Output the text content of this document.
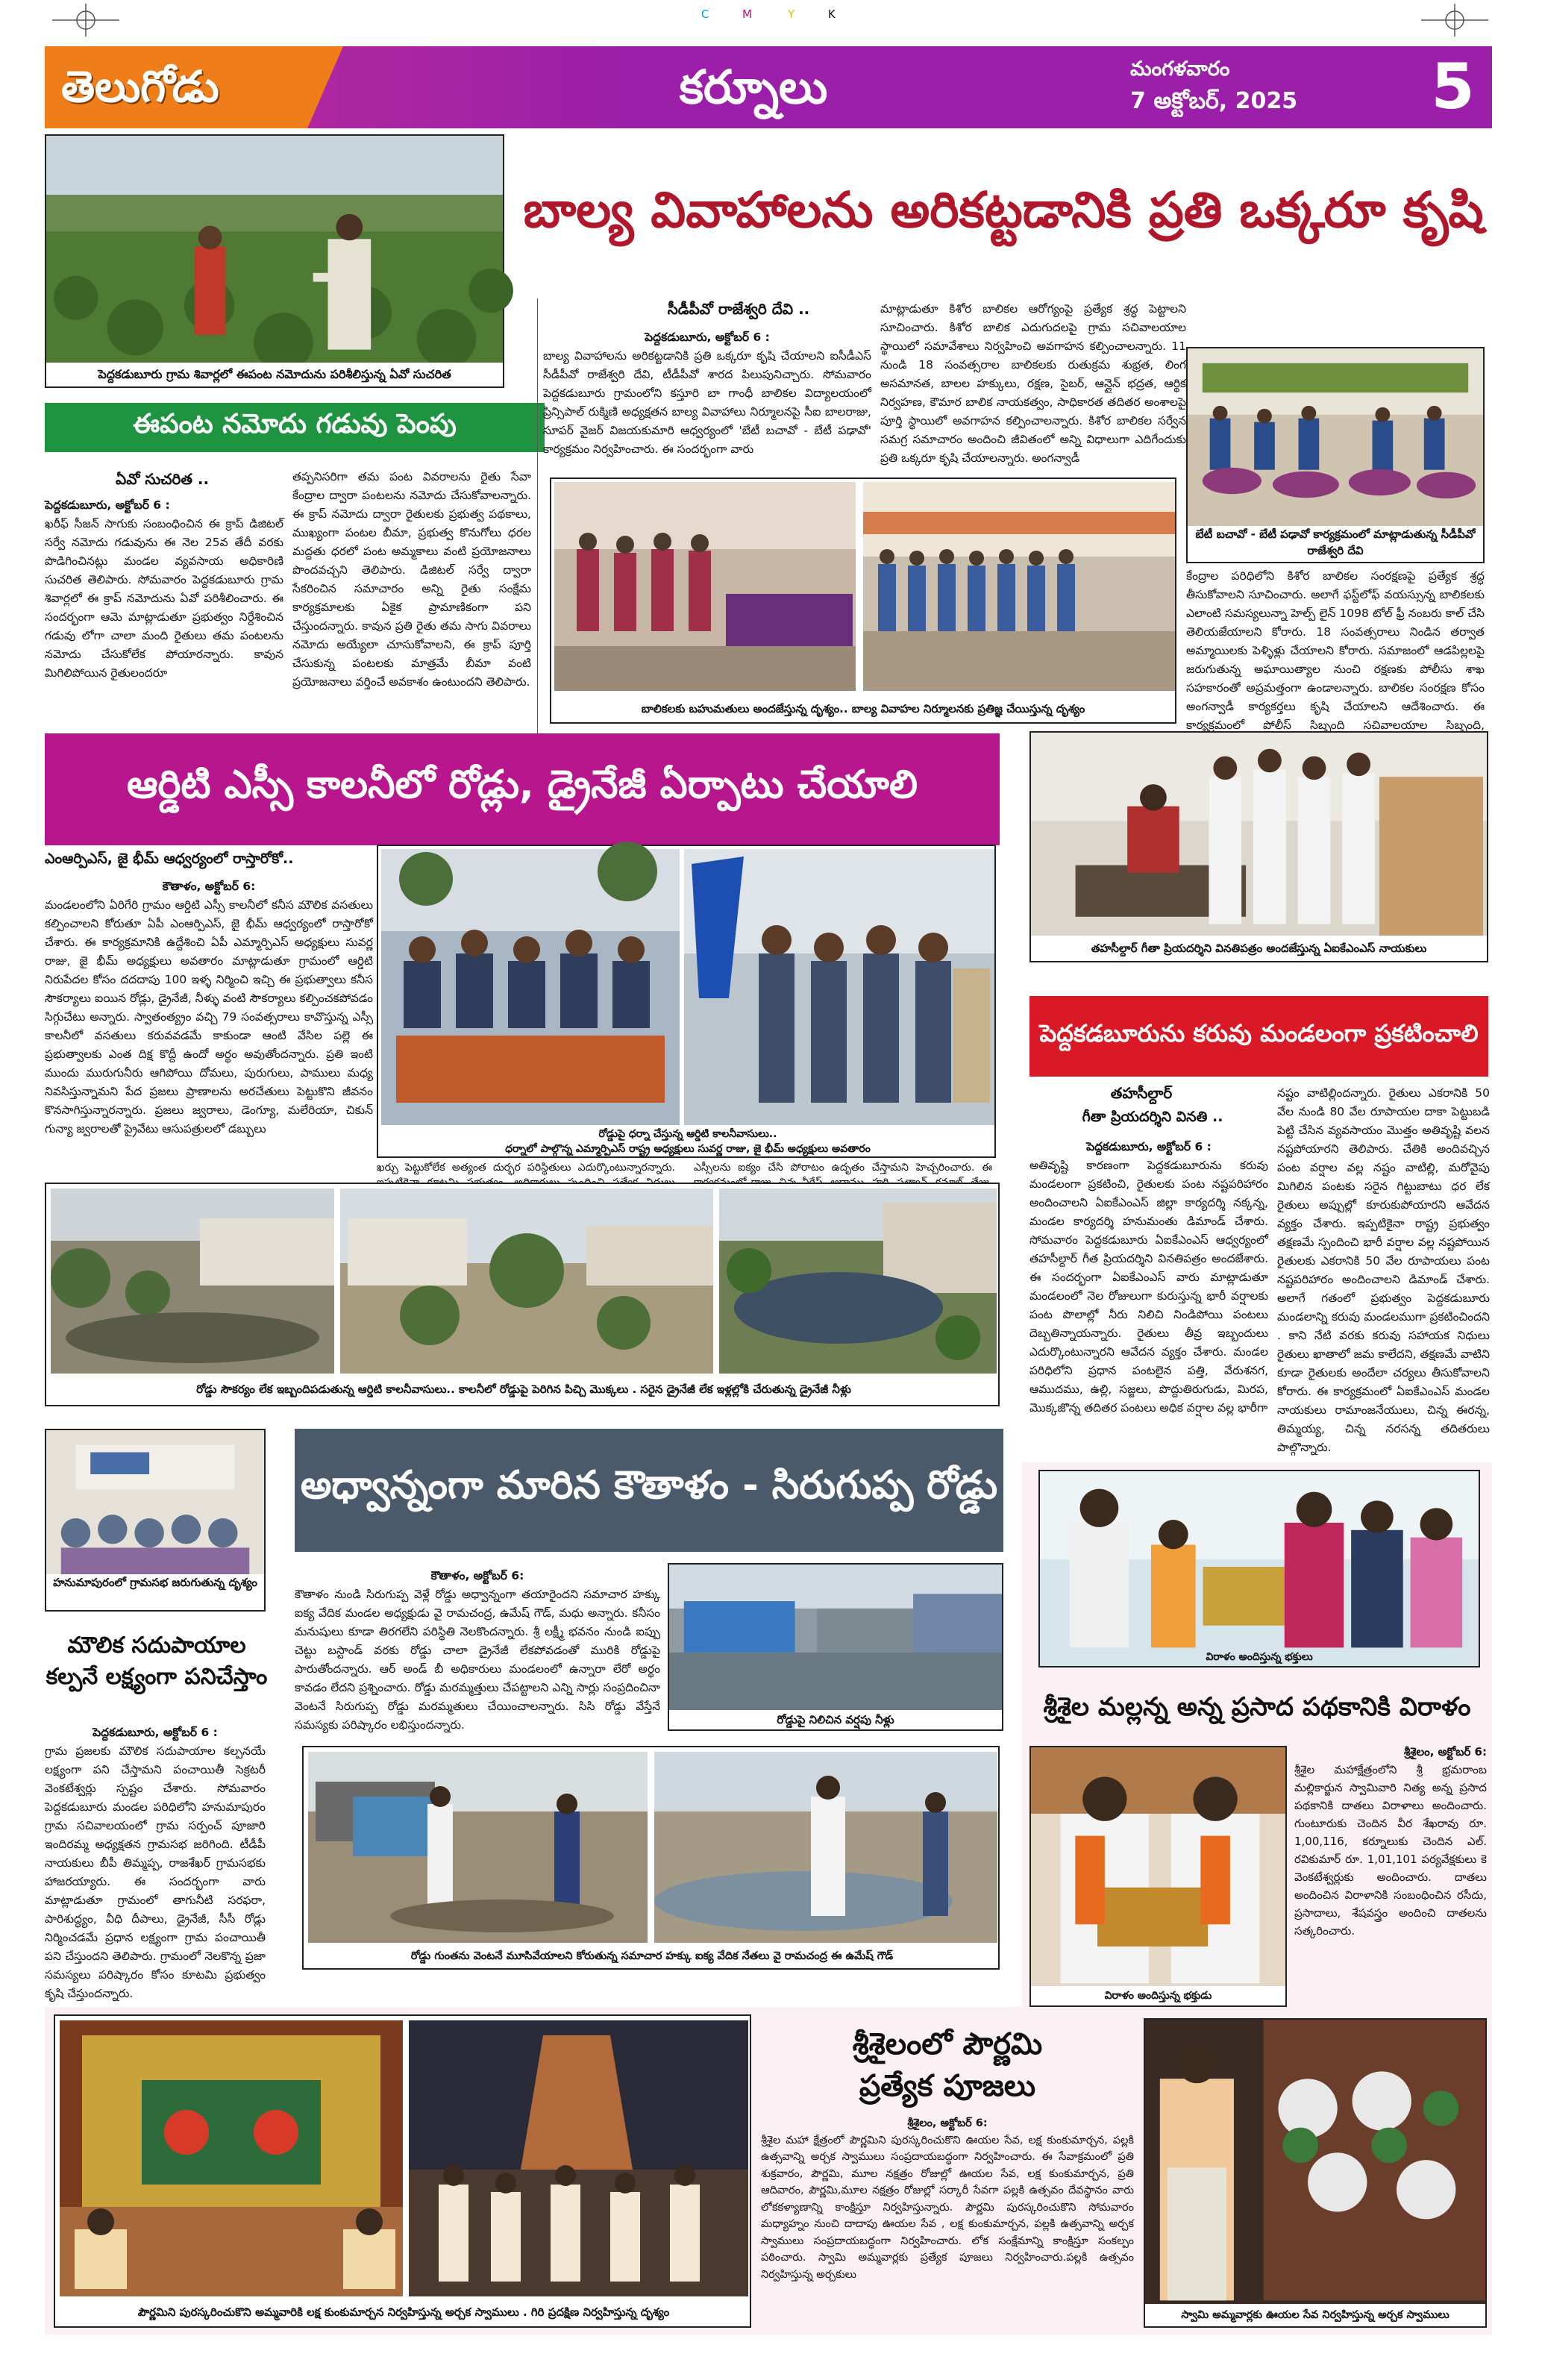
C	M	Y	K
తెలుగోడు	కర్నూలు	మంగళవారం
7 అక్టోబర్, 2025	5
పెద్దకడుబూరు గ్రామ శివార్లలో ఈపంట నమోదును పరిశీలిస్తున్న ఏవో సుచరిత
బాల్య వివాహాలను అరికట్టడానికి ప్రతి ఒక్కరూ కృషి
ఈపంట నమోదు గడువు పెంపు
ఏవో సుచరిత ..
పెద్దకడుబూరు, అక్టోబర్ 6 :
ఖరీఫ్ సీజన్ సాగుకు సంబంధించిన ఈ క్రాప్ డిజిటల్ సర్వే నమోదు గడువును ఈ నెల 25వ తేదీ వరకు పొడిగించినట్లు మండల వ్యవసాయ అధికారిణి సుచరిత తెలిపారు. సోమవారం పెద్దకడుబూరు గ్రామ శివార్లలో ఈ క్రాప్ నమోదును ఏవో పరిశీలించారు. ఈ సందర్భంగా ఆమె మాట్లాడుతూ ప్రభుత్వం నిర్దేశించిన గడువు లోగా చాలా మంది రైతులు తమ పంటలను నమోదు చేసుకోలేక పోయారన్నారు. కావున మిగిలిపోయిన రైతులందరూ
తప్పనిసరిగా తమ పంట వివరాలను రైతు సేవా కేంద్రాల ద్వారా పంటలను నమోదు చేసుకోవాలన్నారు. ఈ క్రాప్ నమోదు ద్వారా రైతులకు ప్రభుత్వ పథకాలు, ముఖ్యంగా పంటల బీమా, ప్రభుత్వ కొనుగోలు ధరల మద్దతు ధరలో పంట అమ్మకాలు వంటి ప్రయోజనాలు పొందవచ్చని తెలిపారు. డిజిటల్ సర్వే ద్వారా సేకరించిన సమాచారం అన్ని రైతు సంక్షేమ కార్యక్రమాలకు ఏకైక ప్రామాణికంగా పని చేస్తుందన్నారు. కావున ప్రతి రైతు తమ సాగు వివరాలు నమోదు అయ్యేలా చూసుకోవాలని, ఈ క్రాప్ పూర్తి చేసుకున్న పంటలకు మాత్రమే బీమా వంటి ప్రయోజనాలు వర్తించే అవకాశం ఉంటుందని తెలిపారు.
సీడీపీవో రాజేశ్వరి దేవి ..
పెద్దకడుబూరు, అక్టోబర్ 6 :
బాల్య వివాహాలను అరికట్టడానికి ప్రతి ఒక్కరూ కృషి చేయాలని ఐసీడీఎస్ సీడీపీవో రాజేశ్వరి దేవి, టీడీపీవో శారద పిలుపునిచ్చారు. సోమవారం పెద్దకడుబూరు గ్రామంలోని కస్తూరి బా గాంధీ బాలికల విద్యాలయంలో ప్రిన్సిపాల్ రుక్మిణి అధ్యక్షతన బాల్య వివాహాలు నిర్మూలనపై సీఐ బాలరాజు, సూపర్ వైజర్ విజయకుమారి ఆధ్వర్యంలో 'బేటీ బచావో - బేటీ పఢావో' కార్యక్రమం నిర్వహించారు. ఈ సందర్భంగా వారు
మాట్లాడుతూ కిశోర బాలికల ఆరోగ్యంపై ప్రత్యేక శ్రద్ధ పెట్టాలని సూచించారు. కిశోర బాలిక ఎదుగుదలపై గ్రామ సచివాలయాల స్థాయిలో సమావేశాలు నిర్వహించి అవగాహన కల్పించాలన్నారు. 11 నుండి 18 సంవత్సరాల బాలికలకు రుతుక్రమ శుభ్రత, లింగ అసమానత, బాలల హక్కులు, రక్షణ, సైబర్, ఆన్లైన్ భద్రత, ఆర్థిక నిర్వహణ, కౌమార బాలిక నాయకత్వం, సాధికారత తదితర అంశాలపై పూర్తి స్థాయిలో అవగాహన కల్పించాలన్నారు. కిశోర బాలికల సర్వేన సమగ్ర సమాచారం అందించి జీవితంలో అన్ని విధాలుగా ఎదిగేందుకు ప్రతి ఒక్కరూ కృషి చేయాలన్నారు. అంగన్వాడీ
బేటీ బచావో - బేటీ పఢావో కార్యక్రమంలో మాట్లాడుతున్న సీడీపీవో రాజేశ్వరి దేవి
కేంద్రాల పరిధిలోని కిశోర బాలికల సంరక్షణపై ప్రత్యేక శ్రద్ధ తీసుకోవాలని సూచించారు. అలాగే ఫస్ట్‌లోఫ్ వయస్సున్న బాలికలకు ఎలాంటి సమస్యలున్నా హెల్ప్ లైన్ 1098 టోల్ ఫ్రీ నంబరు కాల్ చేసి తెలియజేయాలని కోరారు. 18 సంవత్సరాలు నిండిన తర్వాత అమ్మాయిలకు పెళ్ళిళ్లు చేయాలని కోరారు. సమాజంలో ఆడపిల్లలపై జరుగుతున్న అఘాయిత్యాల నుంచి రక్షణకు పోలీసు శాఖ సహకారంతో అప్రమత్తంగా ఉండాలన్నారు. బాలికల సంరక్షణ కోసం అంగన్వాడీ కార్యకర్తలు కృషి చేయాలని ఆదేశించారు. ఈ కార్యక్రమంలో పోలీస్ సిబ్బంది సచివాలయాల సిబ్బంది,
బాలికలకు బహుమతులు అందజేస్తున్న దృశ్యం.. బాల్య వివాహల నిర్మూలనకు ప్రతిజ్ఞ చేయిస్తున్న దృశ్యం
ఆర్డిటి ఎస్సీ కాలనీలో రోడ్లు, డ్రైనేజీ ఏర్పాటు చేయాలి
ఎంఆర్పిఎస్, జై భీమ్ ఆధ్వర్యంలో రాస్తారోకో..
కౌతాళం, అక్టోబర్ 6:
మండలంలోని ఏరిగేరి గ్రామం ఆర్డిటి ఎస్సీ కాలనీలో కనీస మౌలిక వసతులు కల్పించాలని కోరుతూ ఏపీ ఎంఆర్పిఎస్, జై భీమ్ ఆధ్వర్యంలో రాస్తారోకో చేశారు. ఈ కార్యక్రమానికి ఉద్దేశించి ఏపీ ఎమ్మార్పిఎస్ అధ్యక్షులు సువర్ణ రాజు, జై భీమ్ అధ్యక్షులు అవతారం మాట్లాడుతూ గ్రామంలో ఆర్డిటి నిరుపేదల కోసం దదదాపు 100 ఇళ్ళ నిర్మించి ఇచ్చి ఈ ప్రభుత్వాలు కనీస సౌకర్యాలు ఐయిన రోడ్లు, డ్రైనేజీ, నీళ్ళు వంటి సౌకర్యాలు కల్పించకపోవడం సిగ్గుచేటు అన్నారు. స్వాతంత్య్రం వచ్చి 79 సంవత్సరాలు కావొస్తున్న ఎస్సీ కాలనీలో వసతులు కరువవడమే కాకుండా ఆంటి వేసిల పల్లె ఈ ప్రభుత్వాలకు ఎంత దిక్ష కొద్దీ ఉందో అర్థం అవుతోందన్నారు. ప్రతి ఇంటి ముందు మురుగునీరు ఆగిపోయి దోమలు, పురుగులు, పాములు మధ్య నివసిస్తున్నామని పేద ప్రజలు ప్రాణాలను అరచేతులు పెట్టుకొని జీవనం కొనసాగిస్తున్నారన్నారు. ప్రజలు జ్వరాలు, డెంగ్యూ, మలేరియా, చికున్ గున్యా జ్వరాలతో ప్రైవేటు ఆసుపత్రులలో డబ్బులు	రోడ్డుపై ధర్నా చేస్తున్న ఆర్డిటి కాలనీవాసులు..
ధర్నాలో పాల్గొన్న ఎమ్మార్పిఎస్ రాష్ట్ర అధ్యక్షులు సువర్ణ రాజు, జై భీమ్ అధ్యక్షులు అవతారం
ఖర్చు పెట్టుకోలేక అత్యంత దుర్భర పరిస్థితులు ఎదుర్కొంటున్నారన్నారు. ఎస్సీలను ఐక్యం చేసి పోరాటం ఉదృతం చేస్తామని హెచ్చరించారు. ఈ
రోడ్డు సౌకర్యం లేక ఇబ్బందిపడుతున్న ఆర్డిటి కాలనీవాసులు.. కాలనీలో రోడ్డుపై పెరిగిన పిచ్చి మొక్కలు . సరైన డ్రైనేజీ లేక ఇళ్లల్లోకి చేరుతున్న డ్రైనేజీ నీళ్లు
తహసీల్దార్ గీతా ప్రియదర్శిని వినతిపత్రం అందజేస్తున్న ఏఐకేఎంఎస్ నాయకులు
పెద్దకడబూరును కరువు మండలంగా ప్రకటించాలి
తహసీల్దార్
గీతా ప్రియదర్శిని వినతి ..
పెద్దకడుబూరు, అక్టోబర్ 6 :
అతివృష్టి కారణంగా పెద్దకడుబూరును కరువు మండలంగా ప్రకటించి, రైతులకు పంట నష్టపరిహారం అందించాలని ఏఐకేఎంఎస్ జిల్లా కార్యదర్శి నక్కన్న, మండల కార్యదర్శి హనుమంతు డిమాండ్ చేశారు. సోమవారం పెద్దకడుబూరు ఏఐకేఎంఎస్ ఆధ్వర్యంలో తహసీల్దార్ గీత ప్రియదర్శిని వినతిపత్రం అందజేశారు. ఈ సందర్భంగా ఏఐకేఎంఎస్ వారు మాట్లాడుతూ మండలంలో నెల రోజులుగా కురుస్తున్న భారీ వర్షాలకు పంట పొలాల్లో నీరు నిలిచి నిండిపోయి పంటలు దెబ్బతిన్నాయన్నారు. రైతులు తీవ్ర ఇబ్బందులు ఎదుర్కొంటున్నారని ఆవేదన వ్యక్తం చేశారు. మండల పరిధిలోని ప్రధాన పంటలైన పత్తి, వేరుశనగ, ఆముదము, ఉల్లి, సజ్జలు, పొద్దుతిరుగుడు, మిరప, మొక్కజొన్న తదితర పంటలు అధిక వర్షాల వల్ల భారీగా
నష్టం వాటిల్లిందన్నారు. రైతులు ఎకరానికి 50 వేల నుండి 80 వేల రూపాయల దాకా పెట్టుబడి పెట్టి చేసిన వ్యవసాయం మొత్తం అతివృష్టి వలన నష్టపోయారని తెలిపారు. చేతికి అందివచ్చిన పంట వర్షాల వల్ల నష్టం వాటిల్లి, మరోవైపు మిగిలిన పంటకు సరైన గిట్టుబాటు ధర లేక రైతులు అప్పుల్లో కూరుకుపోయారని ఆవేదన వ్యక్తం చేశారు. ఇప్పటికైనా రాష్ట్ర ప్రభుత్వం తక్షణమే స్పందించి భారీ వర్షాల వల్ల నష్టపోయిన రైతులకు ఎకరానికి 50 వేల రూపాయలు పంట నష్టపరిహారం అందించాలని డిమాండ్ చేశారు. అలాగే గతంలో ప్రభుత్వం పెద్దకడుబూరు మండలాన్ని కరువు మండలముగా ప్రకటించిందని . కాని నేటి వరకు కరువు సహాయక నిధులు రైతులు ఖాతాలో జమ కాలేదని, తక్షణమే వాటిని కూడా రైతులకు అందేలా చర్యలు తీసుకోవాలని కోరారు. ఈ కార్యక్రమంలో ఏఐకేఎంఎస్ మండల నాయకులు రామాంజనేయులు, చిన్న ఈరన్న, తిమ్మయ్య, చిన్న నరసన్న తదితరులు పాల్గొన్నారు.
హనుమాపురంలో గ్రామసభ జరుగుతున్న దృశ్యం
మౌలిక సదుపాయాల కల్పనే లక్ష్యంగా పనిచేస్తాం
పెద్దకడుబూరు, అక్టోబర్ 6 :
గ్రామ ప్రజలకు మౌలిక సదుపాయాల కల్పనయే లక్ష్యంగా పని చేస్తామని పంచాయితీ సెక్రటరీ వెంకటేశ్వర్లు స్పష్టం చేశారు. సోమవారం పెద్దకడుబూరు మండల పరిధిలోని హనుమాపురం గ్రామ సచివాలయంలో గ్రామ సర్పంచ్ పూజారి ఇందిరమ్మ అధ్యక్షతన గ్రామసభ జరిగింది. టీడీపీ నాయకులు బీపీ తిమ్మప్ప, రాజశేఖర్ గ్రామసభకు హాజరయ్యారు. ఈ సందర్భంగా వారు మాట్లాడుతూ గ్రామంలో తాగునీటి సరఫరా, పారిశుద్ధ్యం, వీధి దీపాలు, డ్రైనేజీ, సీసీ రోడ్లు నిర్మించడమే ప్రధాన లక్ష్యంగా గ్రామ పంచాయితీ పని చేస్తుందని తెలిపారు. గ్రామంలో నెలకొన్న ప్రజా సమస్యలు పరిష్కారం కోసం కూటమి ప్రభుత్వం కృషి చేస్తుందన్నారు.
అధ్వాన్నంగా మారిన కౌతాళం - సిరుగుప్ప రోడ్డు
కౌతాళం, అక్టోబర్ 6:
కౌతాళం నుండి సిరుగుప్ప వెళ్లే రోడ్డు అధ్వాన్నంగా తయారైందని సమాచార హక్కు ఐక్య వేదిక మండల అధ్యక్షుడు వై రామచంద్ర, ఉమేష్ గౌడ్, మధు అన్నారు. కనీసం మనుషులు కూడా తిరగలేని పరిస్థితి నెలకొందన్నారు. శ్రీ లక్ష్మీ భవనం నుండి ఐప్పు చెట్టు బస్టాండ్ వరకు రోడ్డు చాలా డ్రైనేజీ లేకపోవడంతో మురికి రోడ్డుపై పారుతోందన్నారు. ఆర్ అండ్ బీ అధికారులు మండలంలో ఉన్నారా లేరో అర్థం కావడం లేదని ప్రశ్నించారు. రోడ్డు మరమ్మత్తులు చేపట్టాలని ఎన్ని సార్లు సంప్రదించినా వెంటనే సిరుగుప్ప రోడ్డు మరమ్మతులు చేయించాలన్నారు. సిసి రోడ్డు వేస్తేనే సమస్యకు పరిష్కారం లభిస్తుందన్నారు.	రోడ్డుపై నిలిచిన వర్షపు నీళ్లు
రోడ్డు గుంతను వెంటనే మూసివేయాలని కోరుతున్న సమాచార హక్కు ఐక్య వేదిక నేతలు వై రామచంద్ర ఈ ఉమేష్ గౌడ్
విరాళం అందిస్తున్న భక్తులు
శ్రీశైల మల్లన్న అన్న ప్రసాద పథకానికి విరాళం
విరాళం అందిస్తున్న భక్తుడు
శ్రీశైలం, అక్టోబర్ 6:
శ్రీశైల మహాక్షేత్రంలోని శ్రీ భ్రమరాంబ మల్లికార్జున స్వామివారి నిత్య అన్న ప్రసాద పథకానికి దాతలు విరాళాలు అందించారు. గుంటూరుకు చెందిన వీర శేఖరావు రూ. 1,00,116, కర్నూలుకు చెందిన ఎల్. రవికుమార్ రూ. 1,01,101 పర్యవేక్షకులు కె వెంకటేశ్వర్లుకు అందించారు. దాతలు అందించిన విరాళానికి సంబంధించిన రసీదు, ప్రసాదాలు, శేషవస్త్రం అందించి దాతలను సత్కరించారు.
పౌర్ణమిని పురస్కరించుకొని అమ్మవారికి లక్ష కుంకుమార్చన నిర్వహిస్తున్న అర్చక స్వాములు . గిరి ప్రదక్షిణ నిర్వహిస్తున్న దృశ్యం
శ్రీశైలంలో పౌర్ణమి
ప్రత్యేక పూజలు
శ్రీశైలం, అక్టోబర్ 6:
శ్రీశైల మహా క్షేత్రంలో పౌర్ణమిని పురస్కరించుకొని ఊయల సేవ, లక్ష కుంకుమార్చన, పల్లకి ఉత్సవాన్ని అర్చక స్వాములు సంప్రదాయబద్ధంగా నిర్వహించారు. ఈ సేవాక్రమంలో ప్రతి శుక్రవారం, పౌర్ణమి, మూల నక్షత్రం రోజుల్లో ఊయల సేవ, లక్ష కుంకుమార్చన, ప్రతి ఆదివారం, పౌర్ణమి,మూల నక్షత్రం రోజుల్లో సర్కారీ సేవగా పల్లకి ఉత్సవం దేవస్థానం వారు లోకకళ్యాణాన్ని కాంక్షిస్తూ నిర్వహిస్తున్నారు. పౌర్ణమి పురస్కరించుకొని సోమవారం మధ్యాహ్నం నుంచి దాదాపు ఊయల సేవ , లక్ష కుంకుమార్చన, పల్లకి ఉత్సవాన్ని అర్చక స్వాములు సంప్రదాయబద్ధంగా నిర్వహించారు. లోక సంక్షేమాన్ని కాంక్షిస్తూ సంకల్పం పఠించారు. స్వామి అమ్మవార్లకు ప్రత్యేక పూజలు నిర్వహించారు.పల్లకి ఉత్సవం నిర్వహిస్తున్న అర్చకులు
స్వామి అమ్మవార్లకు ఊయల సేవ నిర్వహిస్తున్న అర్చక స్వాములు
